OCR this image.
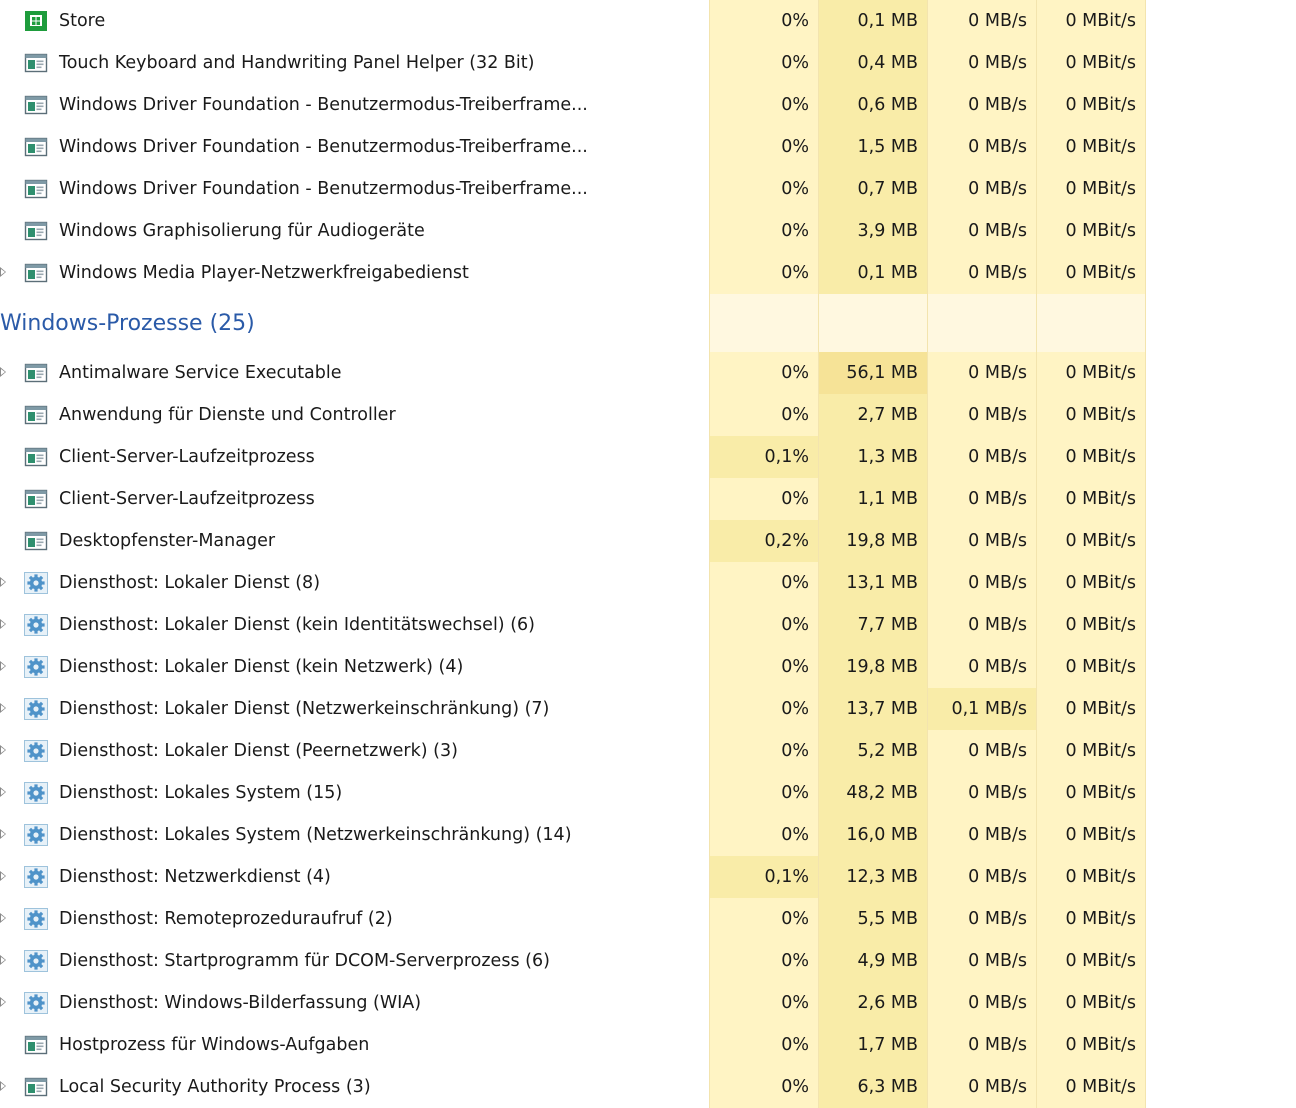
Store	0%	0,1 MB	0 MB/s	0 MBit/s
Touch Keyboard and Handwriting Panel Helper (32 Bit)	0%	0,4 MB	0 MB/s	0 MBit/s
Windows Driver Foundation - Benutzermodus-Treiberframe...	0%	0,6 MB	0 MB/s	0 MBit/s
Windows Driver Foundation - Benutzermodus-Treiberframe...	0%	1,5 MB	0 MB/s	0 MBit/s
Windows Driver Foundation - Benutzermodus-Treiberframe...	0%	0,7 MB	0 MB/s	0 MBit/s
Windows Graphisolierung für Audiogeräte	0%	3,9 MB	0 MB/s	0 MBit/s
Windows Media Player-Netzwerkfreigabedienst	0%	0,1 MB	0 MB/s	0 MBit/s
Windows-Prozesse (25)
Antimalware Service Executable	0%	56,1 MB	0 MB/s	0 MBit/s
Anwendung für Dienste und Controller	0%	2,7 MB	0 MB/s	0 MBit/s
Client-Server-Laufzeitprozess	0,1%	1,3 MB	0 MB/s	0 MBit/s
Client-Server-Laufzeitprozess	0%	1,1 MB	0 MB/s	0 MBit/s
Desktopfenster-Manager	0,2%	19,8 MB	0 MB/s	0 MBit/s
Diensthost: Lokaler Dienst (8)	0%	13,1 MB	0 MB/s	0 MBit/s
Diensthost: Lokaler Dienst (kein Identitätswechsel) (6)	0%	7,7 MB	0 MB/s	0 MBit/s
Diensthost: Lokaler Dienst (kein Netzwerk) (4)	0%	19,8 MB	0 MB/s	0 MBit/s
Diensthost: Lokaler Dienst (Netzwerkeinschränkung) (7)	0%	13,7 MB	0,1 MB/s	0 MBit/s
Diensthost: Lokaler Dienst (Peernetzwerk) (3)	0%	5,2 MB	0 MB/s	0 MBit/s
Diensthost: Lokales System (15)	0%	48,2 MB	0 MB/s	0 MBit/s
Diensthost: Lokales System (Netzwerkeinschränkung) (14)	0%	16,0 MB	0 MB/s	0 MBit/s
Diensthost: Netzwerkdienst (4)	0,1%	12,3 MB	0 MB/s	0 MBit/s
Diensthost: Remoteprozeduraufruf (2)	0%	5,5 MB	0 MB/s	0 MBit/s
Diensthost: Startprogramm für DCOM-Serverprozess (6)	0%	4,9 MB	0 MB/s	0 MBit/s
Diensthost: Windows-Bilderfassung (WIA)	0%	2,6 MB	0 MB/s	0 MBit/s
Hostprozess für Windows-Aufgaben	0%	1,7 MB	0 MB/s	0 MBit/s
Local Security Authority Process (3)	0%	6,3 MB	0 MB/s	0 MBit/s
